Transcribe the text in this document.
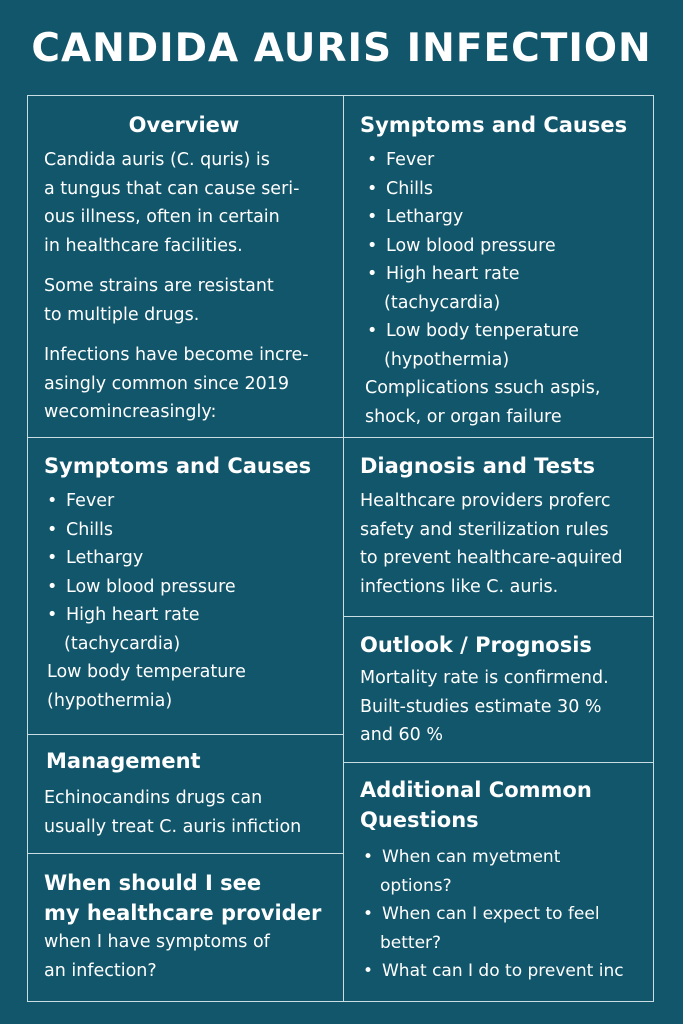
CANDIDA AURIS INFECTION
Overview

Candida auris (C. quris) is

a tungus that can cause seri-

ous illness, often in certain

in healthcare facilities.

Some strains are resistant

to multiple drugs.

Infections have become incre-

asingly common since 2019

wecomincreasingly:

Symptoms and Causes
• Fever
• Chills
• Lethargy
• Low blood pressure
• High heart rate
(tachycardia)
• Low body tenperature
(hypothermia)

Complications ssuch aspis,

shock, or organ failure

Symptoms and Causes
• Fever
• Chills
• Lethargy
• Low blood pressure
• High heart rate
(tachycardia)

Low body temperature

(hypothermia)

Diagnosis and Tests

Healthcare providers proferc

safety and sterilization rules

to prevent healthcare-aquired

infections like C. auris.

Outlook / Prognosis

Mortality rate is confirmend.

Built-studies estimate 30 %

and 60 %

Management

Echinocandins drugs can

usually treat C. auris infiction

Additional Common
Questions
• When can myetment
options?
• When can I expect to feel
better?
• What can I do to prevent inc
When should I see
my healthcare provider

when I have symptoms of

an infection?
